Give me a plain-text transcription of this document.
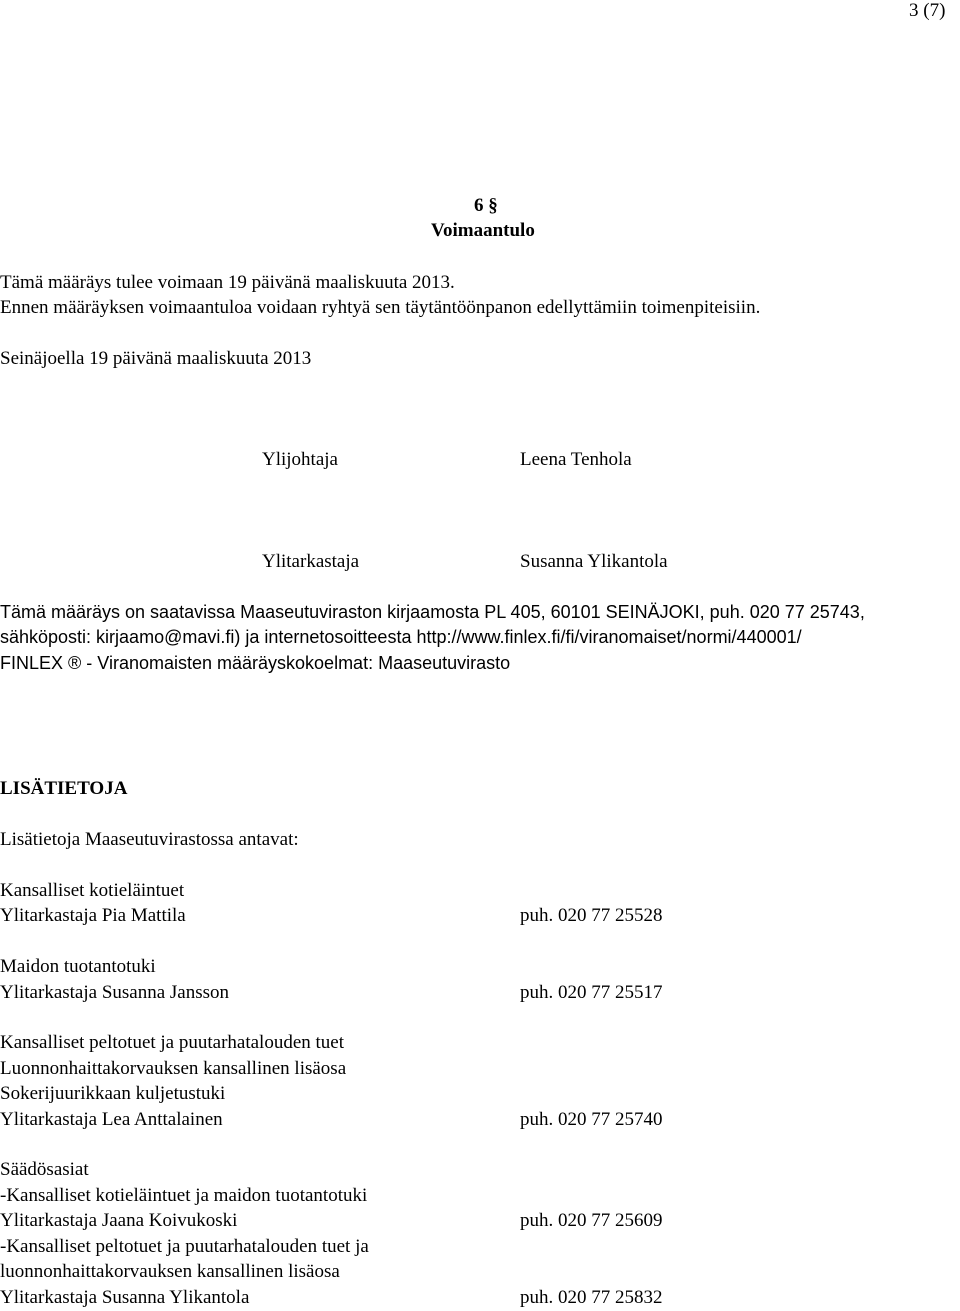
3 (7)
6 §
Voimaantulo
Tämä määräys tulee voimaan 19 päivänä maaliskuuta 2013.
Ennen määräyksen voimaantuloa voidaan ryhtyä sen täytäntöönpanon edellyttämiin toimenpiteisiin.
Seinäjoella 19 päivänä maaliskuuta 2013
Ylijohtaja	Leena Tenhola
Ylitarkastaja	Susanna Ylikantola
Tämä määräys on saatavissa Maaseutuviraston kirjaamosta PL 405, 60101 SEINÄJOKI, puh. 020 77 25743,
sähköposti: kirjaamo@mavi.fi) ja internetosoitteesta http://www.finlex.fi/fi/viranomaiset/normi/440001/
FINLEX ® - Viranomaisten määräyskokoelmat: Maaseutuvirasto
LISÄTIETOJA
Lisätietoja Maaseutuvirastossa antavat:
Kansalliset kotieläintuet
Ylitarkastaja Pia Mattila	puh. 020 77 25528
Maidon tuotantotuki
Ylitarkastaja Susanna Jansson	puh. 020 77 25517
Kansalliset peltotuet ja puutarhatalouden tuet
Luonnonhaittakorvauksen kansallinen lisäosa
Sokerijuurikkaan kuljetustuki
Ylitarkastaja Lea Anttalainen	puh. 020 77 25740
Säädösasiat
-Kansalliset kotieläintuet ja maidon tuotantotuki
Ylitarkastaja Jaana Koivukoski	puh. 020 77 25609
-Kansalliset peltotuet ja puutarhatalouden tuet ja
luonnonhaittakorvauksen kansallinen lisäosa
Ylitarkastaja Susanna Ylikantola	puh. 020 77 25832
